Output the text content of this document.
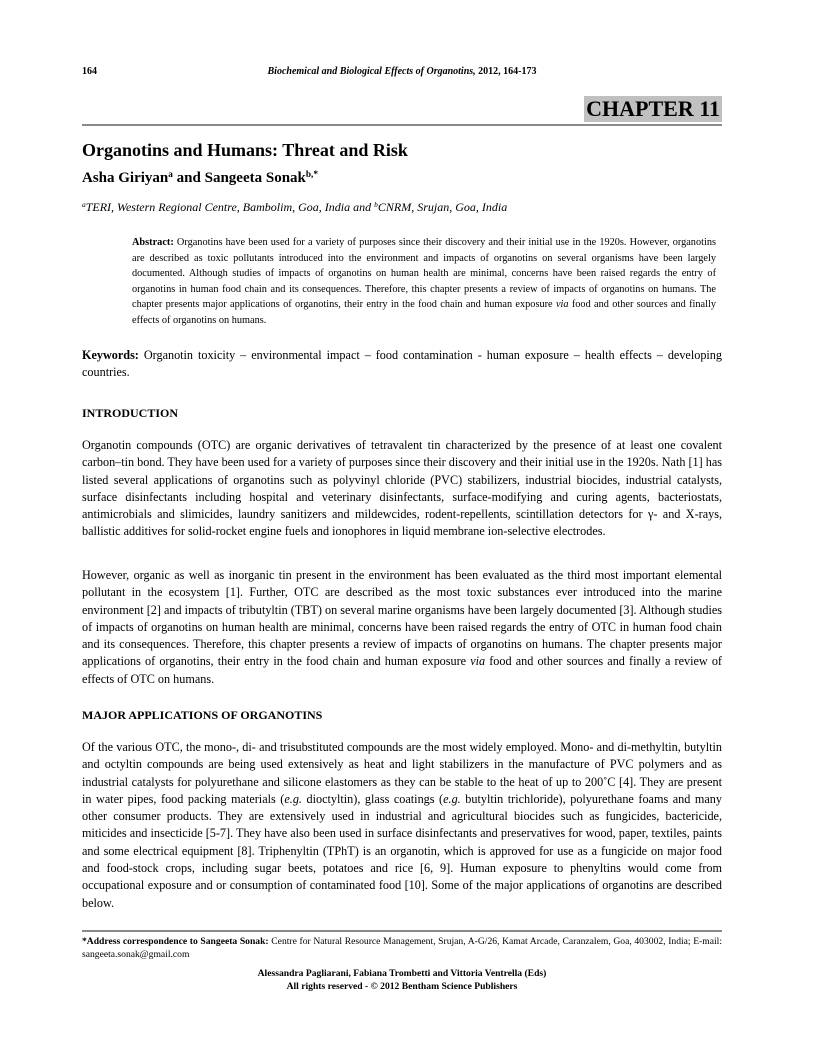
164	Biochemical and Biological Effects of Organotins, 2012, 164-173
CHAPTER 11
Organotins and Humans: Threat and Risk
Asha Giriyan$^a$ and Sangeeta Sonak$^{b,*}$
$^a$TERI, Western Regional Centre, Bambolim, Goa, India and $^b$CNRM, Srujan, Goa, India
Abstract: Organotins have been used for a variety of purposes since their discovery and their initial use in the 1920s. However, organotins are described as toxic pollutants introduced into the environment and impacts of organotins on several organisms have been largely documented. Although studies of impacts of organotins on human health are minimal, concerns have been raised regards the entry of organotins in human food chain and its consequences. Therefore, this chapter presents a review of impacts of organotins on humans. The chapter presents major applications of organotins, their entry in the food chain and human exposure via food and other sources and finally effects of organotins on humans.
Keywords: Organotin toxicity – environmental impact – food contamination - human exposure – health effects – developing countries.
INTRODUCTION
Organotin compounds (OTC) are organic derivatives of tetravalent tin characterized by the presence of at least one covalent carbon–tin bond. They have been used for a variety of purposes since their discovery and their initial use in the 1920s. Nath [1] has listed several applications of organotins such as polyvinyl chloride (PVC) stabilizers, industrial biocides, industrial catalysts, surface disinfectants including hospital and veterinary disinfectants, surface-modifying and curing agents, bacteriostats, antimicrobials and slimicides, laundry sanitizers and mildewcides, rodent-repellents, scintillation detectors for γ- and X-rays, ballistic additives for solid-rocket engine fuels and ionophores in liquid membrane ion-selective electrodes.
However, organic as well as inorganic tin present in the environment has been evaluated as the third most important elemental pollutant in the ecosystem [1]. Further, OTC are described as the most toxic substances ever introduced into the marine environment [2] and impacts of tributyltin (TBT) on several marine organisms have been largely documented [3]. Although studies of impacts of organotins on human health are minimal, concerns have been raised regards the entry of OTC in human food chain and its consequences. Therefore, this chapter presents a review of impacts of organotins on humans. The chapter presents major applications of organotins, their entry in the food chain and human exposure via food and other sources and finally a review of effects of OTC on humans.
MAJOR APPLICATIONS OF ORGANOTINS
Of the various OTC, the mono-, di- and trisubstituted compounds are the most widely employed. Mono- and di-methyltin, butyltin and octyltin compounds are being used extensively as heat and light stabilizers in the manufacture of PVC polymers and as industrial catalysts for polyurethane and silicone elastomers as they can be stable to the heat of up to 200˚C [4]. They are present in water pipes, food packing materials (e.g. dioctyltin), glass coatings (e.g. butyltin trichloride), polyurethane foams and many other consumer products. They are extensively used in industrial and agricultural biocides such as fungicides, bactericide, miticides and insecticide [5-7]. They have also been used in surface disinfectants and preservatives for wood, paper, textiles, paints and some electrical equipment [8]. Triphenyltin (TPhT) is an organotin, which is approved for use as a fungicide on major food and food-stock crops, including sugar beets, potatoes and rice [6, 9]. Human exposure to phenyltins would come from occupational exposure and or consumption of contaminated food [10]. Some of the major applications of organotins are described below.
*Address correspondence to Sangeeta Sonak: Centre for Natural Resource Management, Srujan, A-G/26, Kamat Arcade, Caranzalem, Goa, 403002, India; E-mail: sangeeta.sonak@gmail.com
Alessandra Pagliarani, Fabiana Trombetti and Vittoria Ventrella (Eds)
All rights reserved - © 2012 Bentham Science Publishers
